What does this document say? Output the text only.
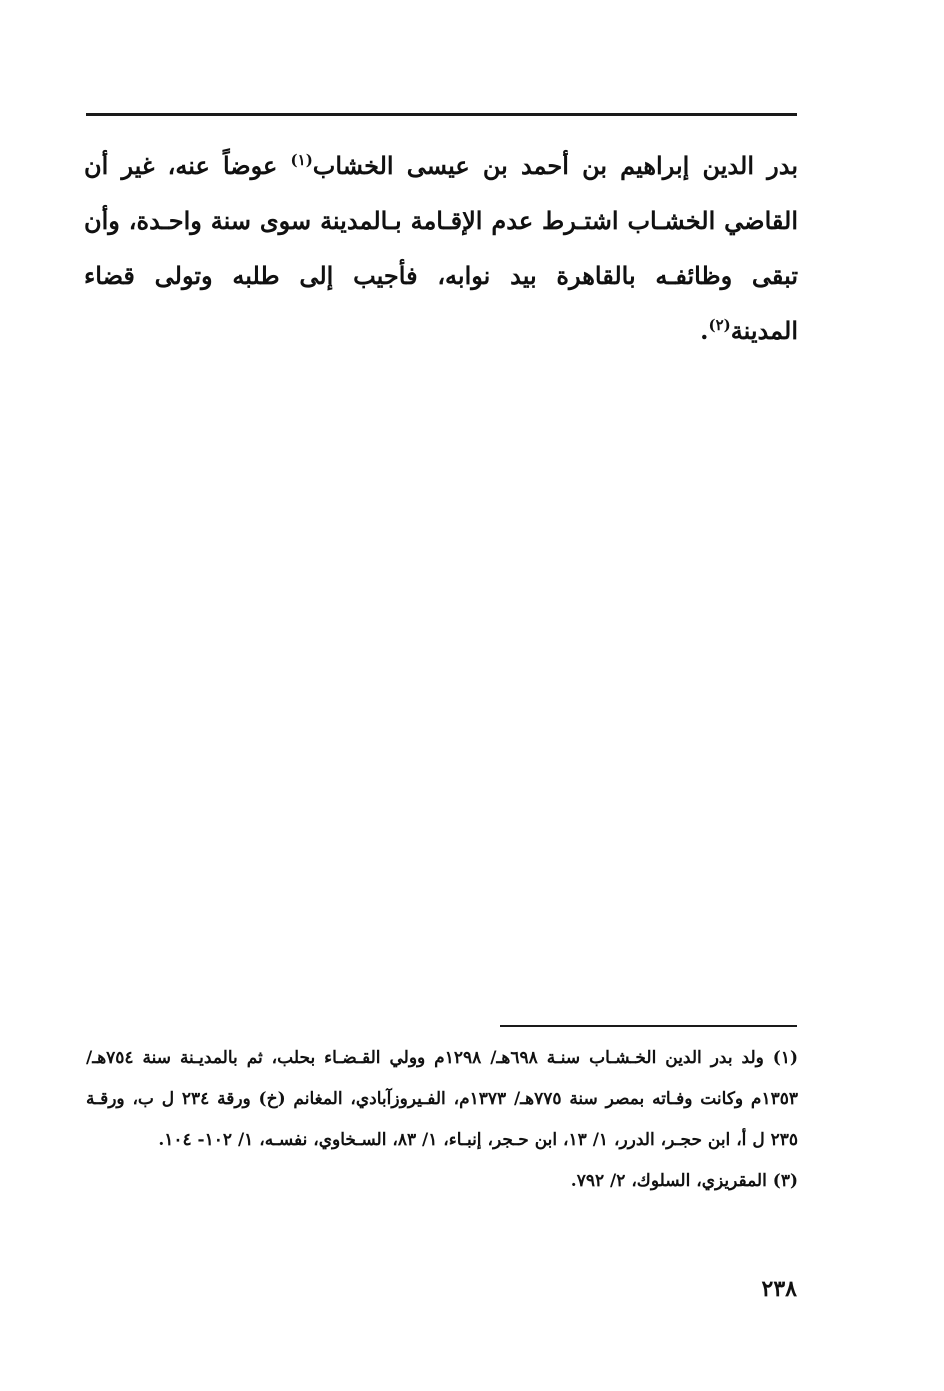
بدر الدين إبراهيم بن أحمد بن عيسى الخشاب$^{(١)}$ عوضاً عنه، غير أن القاضي الخشـاب اشتـرط عدم الإقـامة بـالمدينة سوى سنة واحـدة، وأن تبقى وظائفـه بالقاهرة بيد نوابه، فأجيب إلى طلبه وتولى قضاء المدينة$^{(٢)}$.

(١) ولد بدر الدين الخـشـاب سنـة ٦٩٨هـ/ ١٢٩٨م وولي القـضـاء بحلب، ثم بالمديـنة سنة ٧٥٤هـ/ ١٣٥٣م وكانت وفـاته بمصر سنة ٧٧٥هـ/ ١٣٧٣م، الفـيروزآبادي، المغانم (خ) ورقة ٢٣٤ ل ب، ورقـة ٢٣٥ ل أ، ابن حجـر، الدرر، ١/ ١٣، ابن حـجر، إنبـاء، ١/ ٨٣، السـخاوي، نفسـه، ١/ ١٠٢- ١٠٤.

(٣) المقريزي، السلوك، ٢/ ٧٩٢.

٢٣٨
